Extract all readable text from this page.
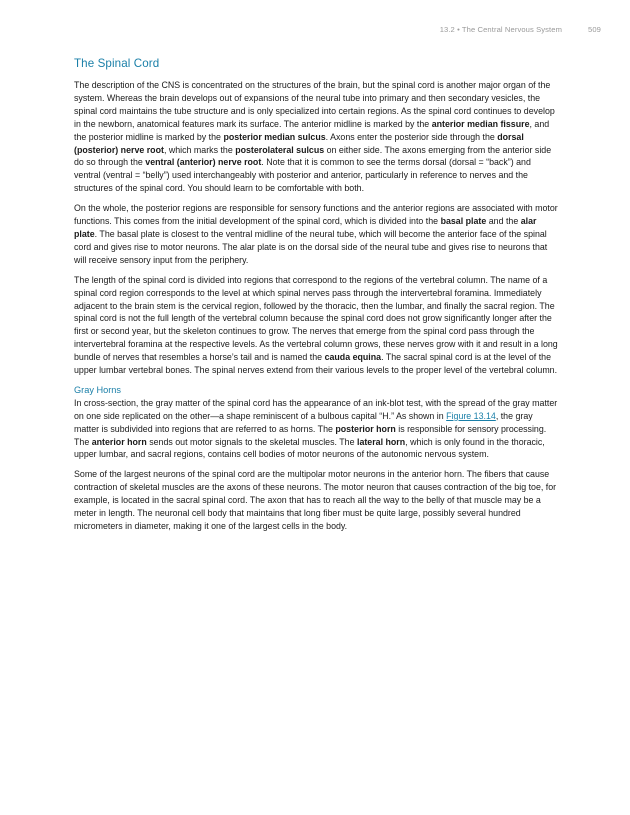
13.2 • The Central Nervous System	509
The Spinal Cord

The description of the CNS is concentrated on the structures of the brain, but the spinal cord is another major organ of the system. Whereas the brain develops out of expansions of the neural tube into primary and then secondary vesicles, the spinal cord maintains the tube structure and is only specialized into certain regions. As the spinal cord continues to develop in the newborn, anatomical features mark its surface. The anterior midline is marked by the anterior median fissure, and the posterior midline is marked by the posterior median sulcus. Axons enter the posterior side through the dorsal (posterior) nerve root, which marks the posterolateral sulcus on either side. The axons emerging from the anterior side do so through the ventral (anterior) nerve root. Note that it is common to see the terms dorsal (dorsal = “back”) and ventral (ventral = “belly”) used interchangeably with posterior and anterior, particularly in reference to nerves and the structures of the spinal cord. You should learn to be comfortable with both.

On the whole, the posterior regions are responsible for sensory functions and the anterior regions are associated with motor functions. This comes from the initial development of the spinal cord, which is divided into the basal plate and the alar plate. The basal plate is closest to the ventral midline of the neural tube, which will become the anterior face of the spinal cord and gives rise to motor neurons. The alar plate is on the dorsal side of the neural tube and gives rise to neurons that will receive sensory input from the periphery.

The length of the spinal cord is divided into regions that correspond to the regions of the vertebral column. The name of a spinal cord region corresponds to the level at which spinal nerves pass through the intervertebral foramina. Immediately adjacent to the brain stem is the cervical region, followed by the thoracic, then the lumbar, and finally the sacral region. The spinal cord is not the full length of the vertebral column because the spinal cord does not grow significantly longer after the first or second year, but the skeleton continues to grow. The nerves that emerge from the spinal cord pass through the intervertebral foramina at the respective levels. As the vertebral column grows, these nerves grow with it and result in a long bundle of nerves that resembles a horse’s tail and is named the cauda equina. The sacral spinal cord is at the level of the upper lumbar vertebral bones. The spinal nerves extend from their various levels to the proper level of the vertebral column.

Gray Horns

In cross-section, the gray matter of the spinal cord has the appearance of an ink-blot test, with the spread of the gray matter on one side replicated on the other—a shape reminiscent of a bulbous capital “H.” As shown in Figure 13.14, the gray matter is subdivided into regions that are referred to as horns. The posterior horn is responsible for sensory processing. The anterior horn sends out motor signals to the skeletal muscles. The lateral horn, which is only found in the thoracic, upper lumbar, and sacral regions, contains cell bodies of motor neurons of the autonomic nervous system.

Some of the largest neurons of the spinal cord are the multipolar motor neurons in the anterior horn. The fibers that cause contraction of skeletal muscles are the axons of these neurons. The motor neuron that causes contraction of the big toe, for example, is located in the sacral spinal cord. The axon that has to reach all the way to the belly of that muscle may be a meter in length. The neuronal cell body that maintains that long fiber must be quite large, possibly several hundred micrometers in diameter, making it one of the largest cells in the body.
